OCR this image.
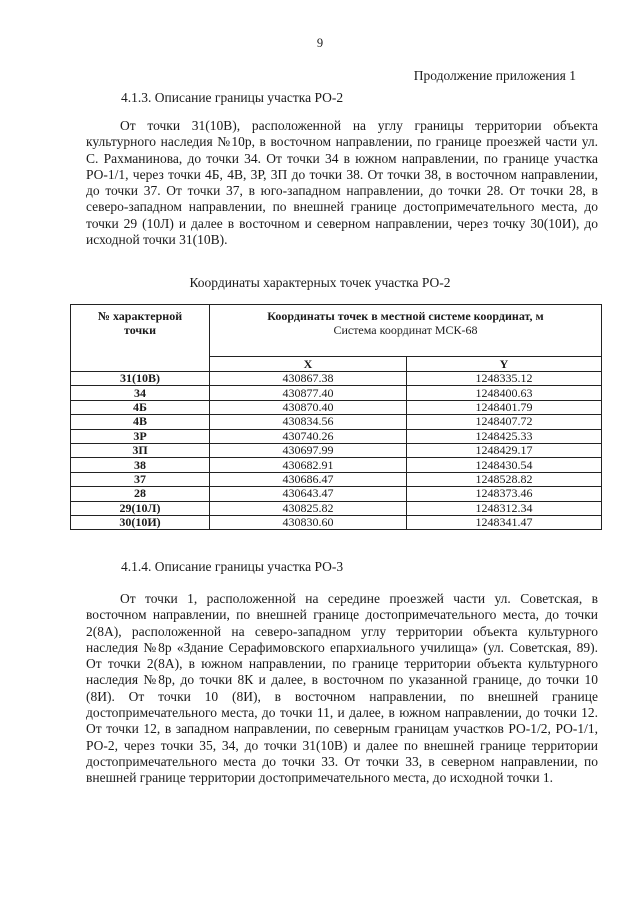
9
Продолжение приложения 1
4.1.3. Описание границы участка РО-2
От точки 31(10В), расположенной на углу границы территории объекта культурного наследия №10р, в восточном направлении, по границе проезжей части ул. С. Рахманинова, до точки 34. От точки 34 в южном направлении, по границе участка РО-1/1, через точки 4Б, 4В, 3Р, 3П до точки 38. От точки 38, в восточном направлении, до точки 37. От точки 37, в юго-западном направлении, до точки 28. От точки 28, в северо-западном направлении, по внешней границе достопримечательного места, до точки 29 (10Л) и далее в восточном и северном направлении, через точку 30(10И), до исходной точки 31(10В).
Координаты характерных точек участка РО-2
№ характерной
точки	Координаты точек в местной системе координат, м
Система координат МСК-68	
	X	Y
31(10В)	430867.38	1248335.12
34	430877.40	1248400.63
4Б	430870.40	1248401.79
4В	430834.56	1248407.72
3Р	430740.26	1248425.33
3П	430697.99	1248429.17
38	430682.91	1248430.54
37	430686.47	1248528.82
28	430643.47	1248373.46
29(10Л)	430825.82	1248312.34
30(10И)	430830.60	1248341.47
4.1.4. Описание границы участка РО-3
От точки 1, расположенной на середине проезжей части ул. Советская, в восточном направлении, по внешней границе достопримечательного места, до точки 2(8А), расположенной на северо-западном углу территории объекта культурного наследия №8р «Здание Серафимовского епархиального училища» (ул. Советская, 89). От точки 2(8А), в южном направлении, по границе территории объекта культурного наследия №8р, до точки 8К и далее, в восточном по указанной границе, до точки 10 (8И). От точки 10 (8И), в восточном направлении, по внешней границе достопримечательного места, до точки 11, и далее, в южном направлении, до точки 12. От точки 12, в западном направлении, по северным границам участков РО-1/2, РО-1/1, РО-2, через точки 35, 34, до точки 31(10В) и далее по внешней границе территории достопримечательного места до точки 33. От точки 33, в северном направлении, по внешней границе территории достопримечательного места, до исходной точки 1.
